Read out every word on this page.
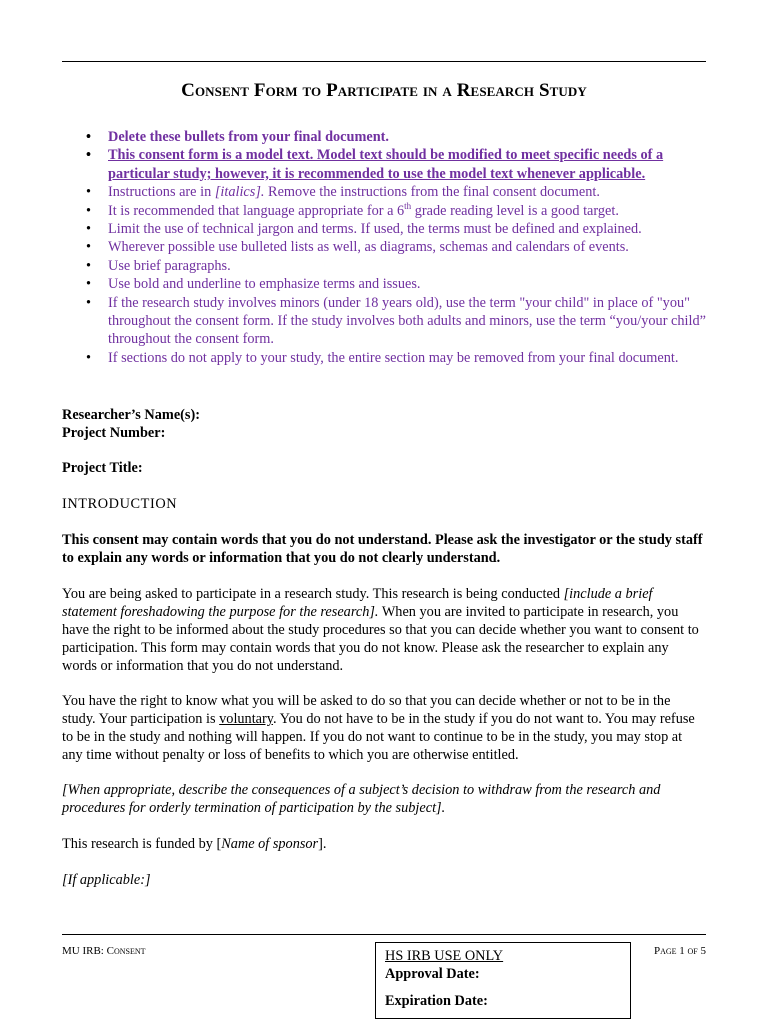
Consent Form to Participate in a Research Study
• Delete these bullets from your final document.
• This consent form is a model text. Model text should be modified to meet specific needs of a particular study; however, it is recommended to use the model text whenever applicable.
• Instructions are in [italics]. Remove the instructions from the final consent document.
• It is recommended that language appropriate for a 6th grade reading level is a good target.
• Limit the use of technical jargon and terms. If used, the terms must be defined and explained.
• Wherever possible use bulleted lists as well, as diagrams, schemas and calendars of events.
• Use brief paragraphs.
• Use bold and underline to emphasize terms and issues.
• If the research study involves minors (under 18 years old), use the term "your child" in place of "you" throughout the consent form. If the study involves both adults and minors, use the term “you/your child” throughout the consent form.
• If sections do not apply to your study, the entire section may be removed from your final document.
Researcher’s Name(s):
Project Number:
Project Title:
INTRODUCTION
This consent may contain words that you do not understand. Please ask the investigator or the study staff to explain any words or information that you do not clearly understand.
You are being asked to participate in a research study. This research is being conducted [include a brief statement foreshadowing the purpose for the research]. When you are invited to participate in research, you have the right to be informed about the study procedures so that you can decide whether you want to consent to participation. This form may contain words that you do not know. Please ask the researcher to explain any words or information that you do not understand.
You have the right to know what you will be asked to do so that you can decide whether or not to be in the study. Your participation is voluntary. You do not have to be in the study if you do not want to. You may refuse to be in the study and nothing will happen. If you do not want to continue to be in the study, you may stop at any time without penalty or loss of benefits to which you are otherwise entitled.
[When appropriate, describe the consequences of a subject’s decision to withdraw from the research and procedures for orderly termination of participation by the subject].
This research is funded by [Name of sponsor].
[If applicable:]
MU IRB: Consent	Page 1 of 5
HS IRB USE ONLY
Approval Date:
Expiration Date:
